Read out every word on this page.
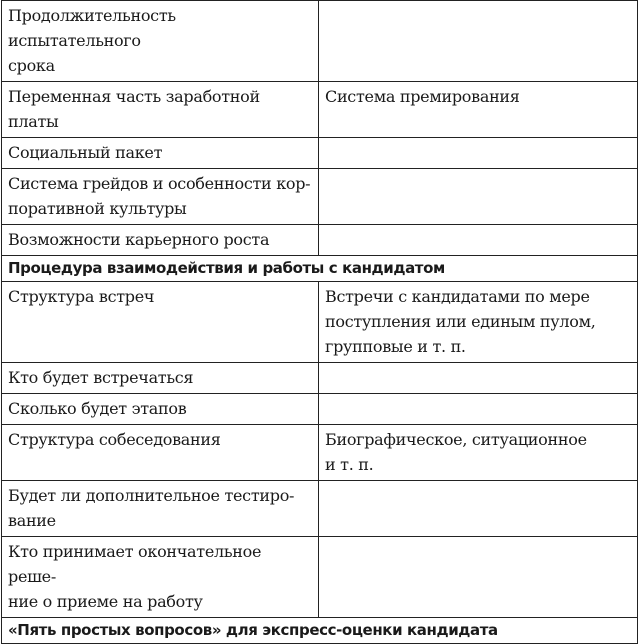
Продолжительность испытательного
срока	

Переменная часть заработной платы	Система премирования

Социальный пакет	

Система грейдов и особенности кор-
поративной культуры	

Возможности карьерного роста	

Процедура взаимодействия и работы с кандидатом	

Структура встреч	Встречи с кандидатами по мере
поступления или единым пулом,
групповые и т. п.

Кто будет встречаться	

Сколько будет этапов	

Структура собеседования	Биографическое, ситуационное
и т. п.

Будет ли дополнительное тестиро-
вание	

Кто принимает окончательное реше-
ние о приеме на работу	

«Пять простых вопросов» для экспресс-оценки кандидата	
